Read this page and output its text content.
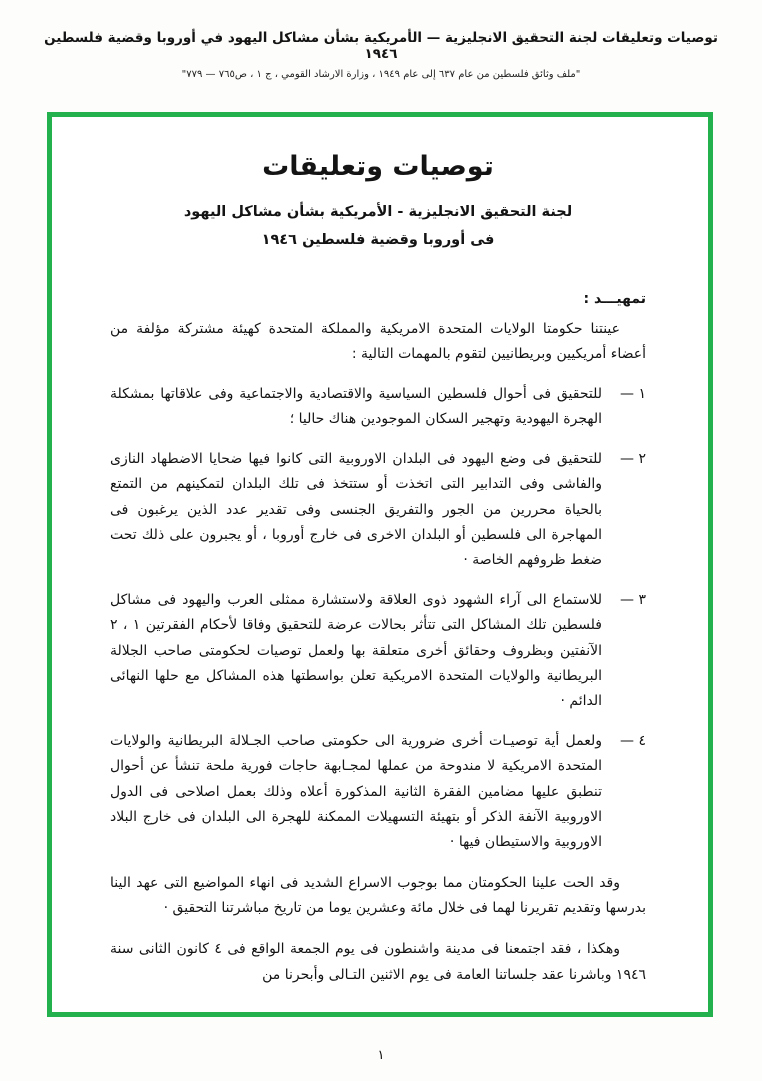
توصيات وتعليقات لجنة التحقيق الانجليزية — الأمريكية بشأن مشاكل اليهود في أوروبا وقضية فلسطين ١٩٤٦
"ملف وثائق فلسطين من عام ٦٣٧ إلى عام ١٩٤٩ ، وزارة الارشاد القومي ، ج ١ ، ص٧٦٥ — ٧٧٩"
توصيات وتعليقات
لجنة التحقيق الانجليزية - الأمريكية بشأن مشاكل اليهود
فى أوروبا وقضية فلسطين ١٩٤٦
تمهيـــد :

عينتنا حكومتا الولايات المتحدة الامريكية والمملكة المتحدة كهيئة مشتركة مؤلفة من أعضاء أمريكيين وبريطانيين لتقوم بالمهمات التالية :

١ —

للتحقيق فى أحوال فلسطين السياسية والاقتصادية والاجتماعية وفى علاقاتها بمشكلة الهجرة اليهودية وتهجير السكان الموجودين هناك حاليا ؛

٢ —

للتحقيق فى وضع اليهود فى البلدان الاوروبية التى كانوا فيها ضحايا الاضطهاد النازى والفاشى وفى التدابير التى اتخذت أو ستتخذ فى تلك البلدان لتمكينهم من التمتع بالحياة محررين من الجور والتفريق الجنسى وفى تقدير عدد الذين يرغبون فى المهاجرة الى فلسطين أو البلدان الاخرى فى خارج أوروبا ، أو يجبرون على ذلك تحت ضغط ظروفهم الخاصة ·

٣ —

للاستماع الى آراء الشهود ذوى العلاقة ولاستشارة ممثلى العرب واليهود فى مشاكل فلسطين تلك المشاكل التى تتأثر بحالات عرضة للتحقيق وفاقا لأحكام الفقرتين ١ ، ٢ الآنفتين وبظروف وحقائق أخرى متعلقة بها ولعمل توصيات لحكومتى صاحب الجلالة البريطانية والولايات المتحدة الامريكية تعلن بواسطتها هذه المشاكل مع حلها النهائى الدائم ·

٤ —

ولعمل أية توصيـات أخرى ضرورية الى حكومتى صاحب الجـلالة البريطانية والولايات المتحدة الامريكية لا مندوحة من عملها لمجـابهة حاجات فورية ملحة تنشأ عن أحوال تنطبق عليها مضامين الفقرة الثانية المذكورة أعلاه وذلك بعمل اصلاحى فى الدول الاوروبية الآنفة الذكر أو بتهيئة التسهيلات الممكنة للهجرة الى البلدان فى خارج البلاد الاوروبية والاستيطان فيها ·

وقد الحت علينا الحكومتان مما بوجوب الاسراع الشديد فى انهاء المواضيع التى عهد الينا بدرسها وتقديم تقريرنا لهما فى خلال مائة وعشرين يوما من تاريخ مباشرتنا التحقيق ·

وهكذا ، فقد اجتمعنا فى مدينة واشنطون فى يوم الجمعة الواقع فى ٤ كانون الثانى سنة ١٩٤٦ وباشرنا عقد جلساتنا العامة فى يوم الاثنين التـالى وأبحرنا من

١
